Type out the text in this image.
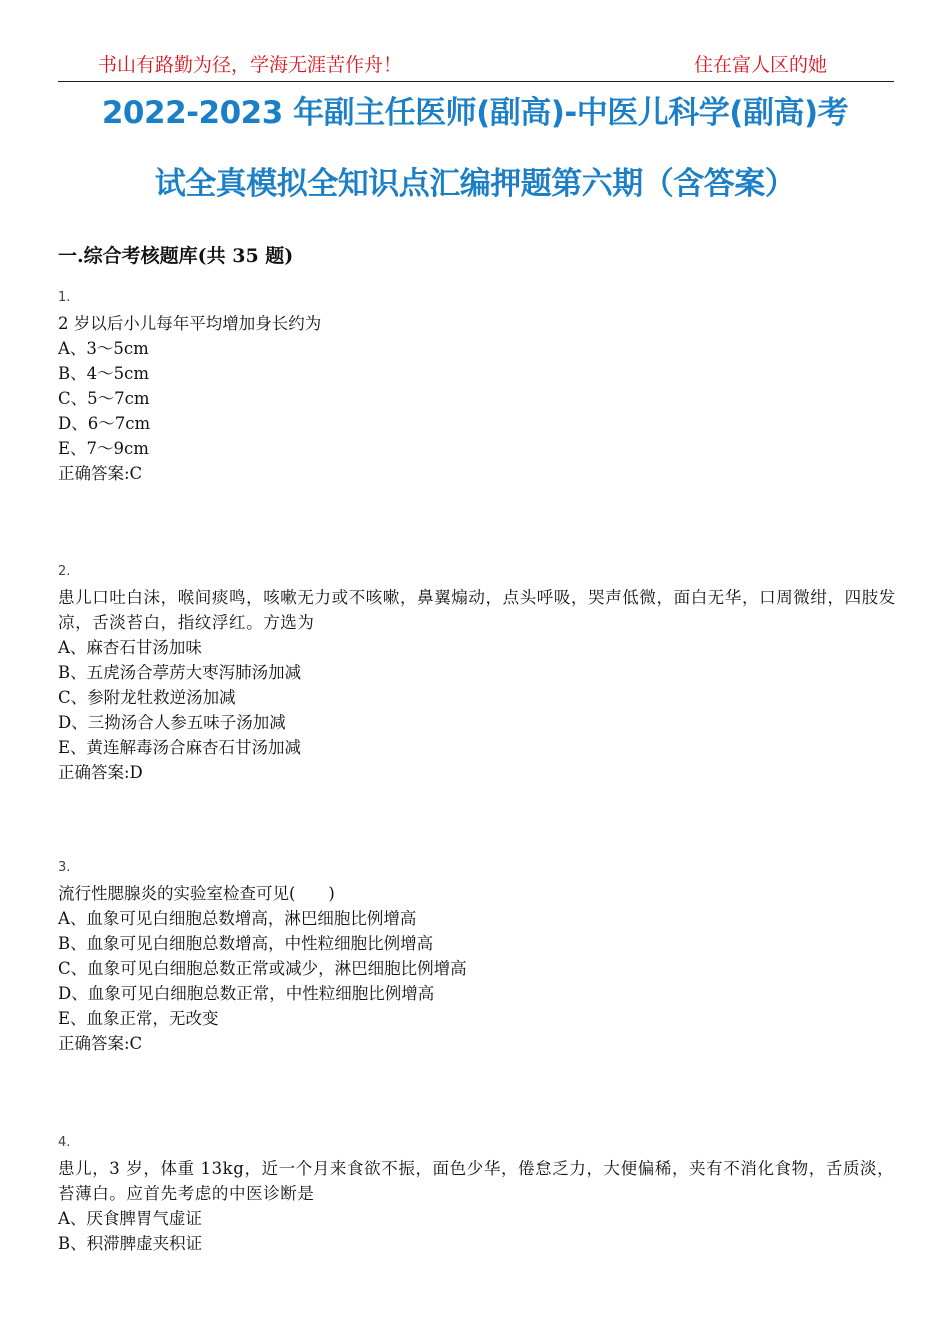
书山有路勤为径，学海无涯苦作舟！	住在富人区的她
2022-2023 年副主任医师(副高)-中医儿科学(副高)考
试全真模拟全知识点汇编押题第六期（含答案）
一.综合考核题库(共 35 题)
1.
2 岁以后小儿每年平均增加身长约为
A、3～5cm
B、4～5cm
C、5～7cm
D、6～7cm
E、7～9cm
正确答案:C
2.
患儿口吐白沫，喉间痰鸣，咳嗽无力或不咳嗽，鼻翼煽动，点头呼吸，哭声低微，面白无华，口周微绀，四肢发凉，舌淡苔白，指纹浮红。方选为
A、麻杏石甘汤加味
B、五虎汤合葶苈大枣泻肺汤加减
C、参附龙牡救逆汤加减
D、三拗汤合人参五味子汤加减
E、黄连解毒汤合麻杏石甘汤加减
正确答案:D
3.
流行性腮腺炎的实验室检查可见(　　)
A、血象可见白细胞总数增高，淋巴细胞比例增高
B、血象可见白细胞总数增高，中性粒细胞比例增高
C、血象可见白细胞总数正常或减少，淋巴细胞比例增高
D、血象可见白细胞总数正常，中性粒细胞比例增高
E、血象正常，无改变
正确答案:C
4.
患儿，3 岁，体重 13kg，近一个月来食欲不振，面色少华，倦怠乏力，大便偏稀，夹有不消化食物，舌质淡，苔薄白。应首先考虑的中医诊断是
A、厌食脾胃气虚证
B、积滞脾虚夹积证
